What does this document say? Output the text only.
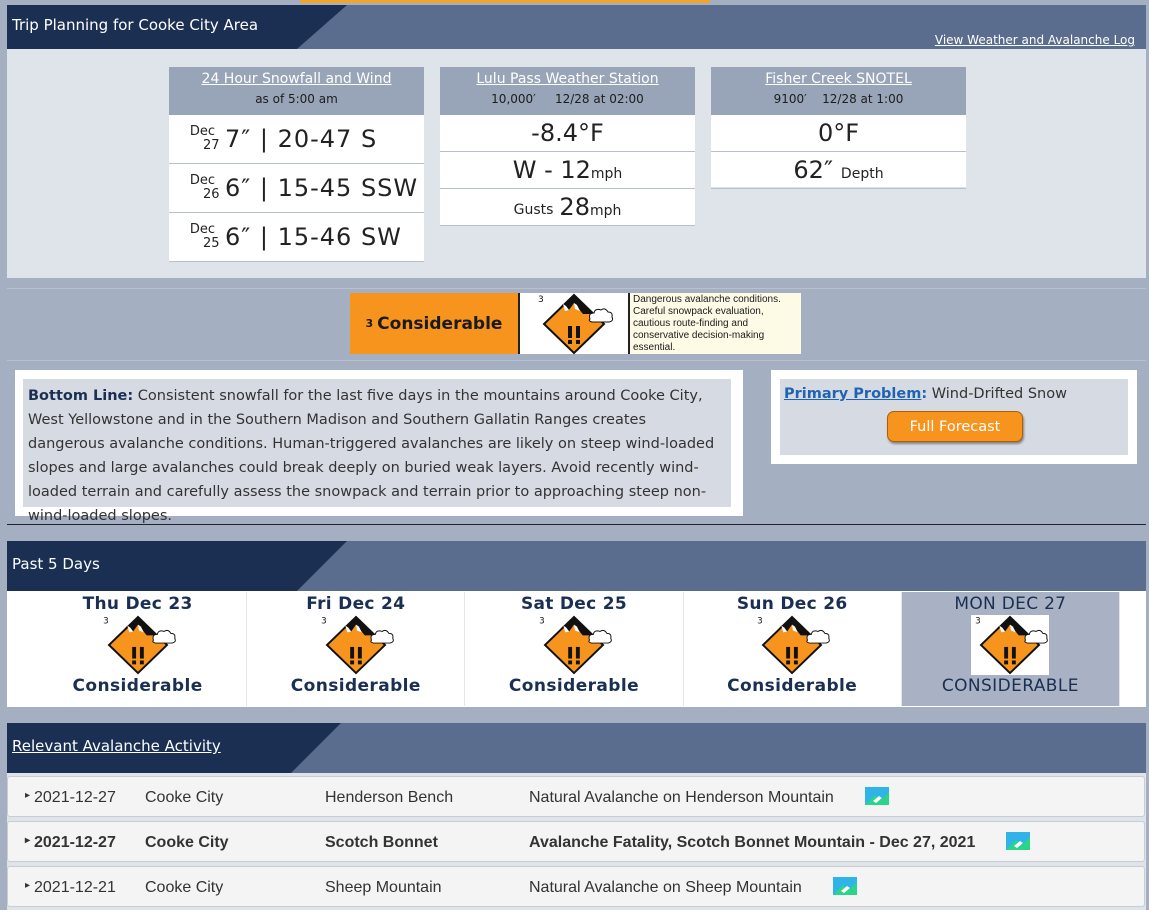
Trip Planning for Cooke City Area
View Weather and Avalanche Log
24 Hour Snowfall and Wind
as of 5:00 am
Dec
27 7″ | 20-47 S
Dec
26 6″ | 15-45 SSW
Dec
25 6″ | 15-46 SW
Lulu Pass Weather Station
10,000′     12/28 at 02:00
-8.4°F
W - 12 mph
Gusts 28 mph
Fisher Creek SNOTEL
9100′    12/28 at 1:00
0°F
62″ Depth
3 Considerable
Dangerous avalanche conditions. Careful snowpack evaluation, cautious route-finding and conservative decision-making essential.
Bottom Line: Consistent snowfall for the last five days in the mountains around Cooke City, West Yellowstone and in the Southern Madison and Southern Gallatin Ranges creates dangerous avalanche conditions. Human-triggered avalanches are likely on steep wind-loaded slopes and large avalanches could break deeply on buried weak layers. Avoid recently wind-loaded terrain and carefully assess the snowpack and terrain prior to approaching steep non-wind-loaded slopes.
Primary Problem: Wind-Drifted Snow
Full Forecast
Past 5 Days
Thu Dec 23
Considerable
Fri Dec 24
Considerable
Sat Dec 25
Considerable
Sun Dec 26
Considerable
MON DEC 27
CONSIDERABLE
Relevant Avalanche Activity
▸ 2021-12-27 Cooke City	Henderson Bench	Natural Avalanche on Henderson Mountain
▸ 2021-12-27 Cooke City	Scotch Bonnet	Avalanche Fatality, Scotch Bonnet Mountain - Dec 27, 2021
▸ 2021-12-21 Cooke City	Sheep Mountain	Natural Avalanche on Sheep Mountain
